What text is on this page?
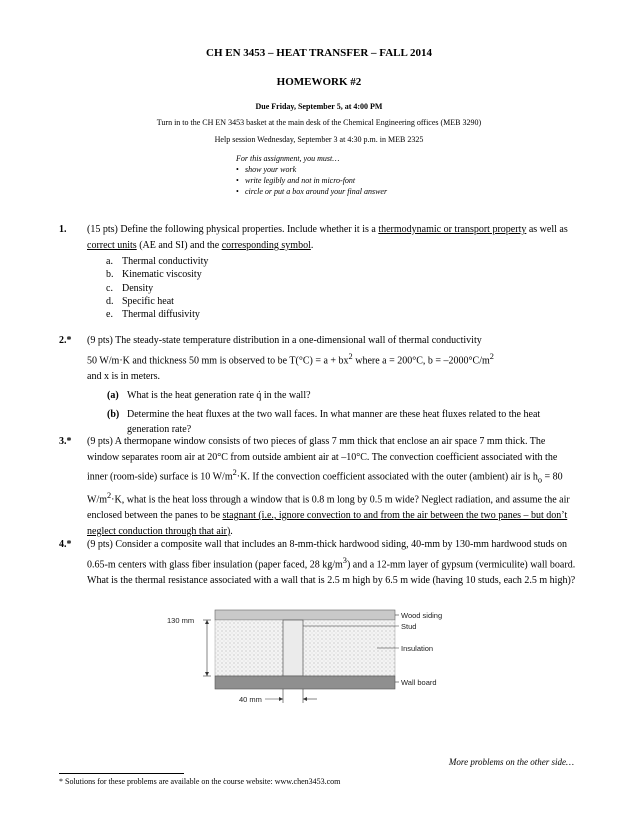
CH EN 3453 – HEAT TRANSFER – FALL 2014
HOMEWORK #2
Due Friday, September 5, at 4:00 PM
Turn in to the CH EN 3453 basket at the main desk of the Chemical Engineering offices (MEB 3290)
Help session Wednesday, September 3 at 4:30 p.m. in MEB 2325
For this assignment, you must…
• show your work
• write legibly and not in micro-font
• circle or put a box around your final answer
1. (15 pts) Define the following physical properties. Include whether it is a thermodynamic or transport property as well as correct units (AE and SI) and the corresponding symbol.
a. Thermal conductivity
b. Kinematic viscosity
c. Density
d. Specific heat
e. Thermal diffusivity
2.* (9 pts) The steady-state temperature distribution in a one-dimensional wall of thermal conductivity
50 W/m·K and thickness 50 mm is observed to be $T(^\circ C) = a + bx^2$ where a = 200°C, $b = -2000^\circ C/m^2$
and x is in meters.
(a) What is the heat generation rate q̇ in the wall?
(b) Determine the heat fluxes at the two wall faces. In what manner are these heat fluxes related to the heat generation rate?
3.* (9 pts) A thermopane window consists of two pieces of glass 7 mm thick that enclose an air space 7 mm thick. The window separates room air at 20°C from outside ambient air at –10°C. The convection coefficient associated with the inner (room-side) surface is 10 $W/m^2\cdot K$. If the convection coefficient associated with the outer (ambient) air is $h_o = 80$ $W/m^2\cdot K$, what is the heat loss through a window that is 0.8 m long by 0.5 m wide? Neglect radiation, and assume the air enclosed between the panes to be stagnant (i.e., ignore convection to and from the air between the two panes – but don’t neglect conduction through that air).
4.* (9 pts) Consider a composite wall that includes an 8-mm-thick hardwood siding, 40-mm by 130-mm hardwood studs on 0.65-m centers with glass fiber insulation (paper faced, 28 $kg/m^3$) and a 12-mm layer of gypsum (vermiculite) wall board. What is the thermal resistance associated with a wall that is 2.5 m high by 6.5 m wide (having 10 studs, each 2.5 m high)?
Wood siding
Stud
Insulation
Wall board
130 mm
40 mm
More problems on the other side…
* Solutions for these problems are available on the course website: www.chen3453.com
